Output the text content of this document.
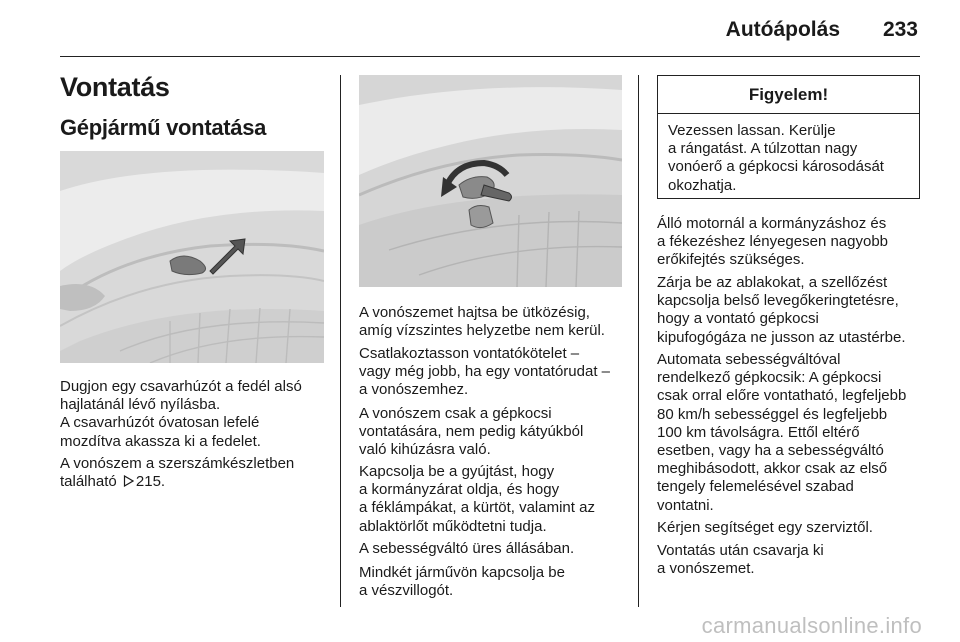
Autóápolás 233
Vontatás
Gépjármű vontatása
Dugjon egy csavarhúzót a fedél alsó
hajlatánál lévő nyílásba.
A csavarhúzót óvatosan lefelé
mozdítva akassza ki a fedelet.
A vonószem a szerszámkészletben
található 215.
A vonószemet hajtsa be ütközésig,
amíg vízszintes helyzetbe nem kerül.
Csatlakoztasson vontatókötelet –
vagy még jobb, ha egy vontatórudat –
a vonószemhez.
A vonószem csak a gépkocsi
vontatására, nem pedig kátyúkból
való kihúzásra való.
Kapcsolja be a gyújtást, hogy
a kormányzárat oldja, és hogy
a féklámpákat, a kürtöt, valamint az
ablaktörlőt működtetni tudja.
A sebességváltó üres állásában.
Mindkét járművön kapcsolja be
a vészvillogót.
Figyelem!
Vezessen lassan. Kerülje
a rángatást. A túlzottan nagy
vonóerő a gépkocsi károsodását
okozhatja.
Álló motornál a kormányzáshoz és
a fékezéshez lényegesen nagyobb
erőkifejtés szükséges.
Zárja be az ablakokat, a szellőzést
kapcsolja belső levegőkeringtetésre,
hogy a vontató gépkocsi
kipufogógáza ne jusson az utastérbe.
Automata sebességváltóval
rendelkező gépkocsik: A gépkocsi
csak orral előre vontatható, legfeljebb
80 km/h sebességgel és legfeljebb
100 km távolságra. Ettől eltérő
esetben, vagy ha a sebességváltó
meghibásodott, akkor csak az első
tengely felemelésével szabad
vontatni.
Kérjen segítséget egy szerviztől.
Vontatás után csavarja ki
a vonószemet.
carmanualsonline.info
